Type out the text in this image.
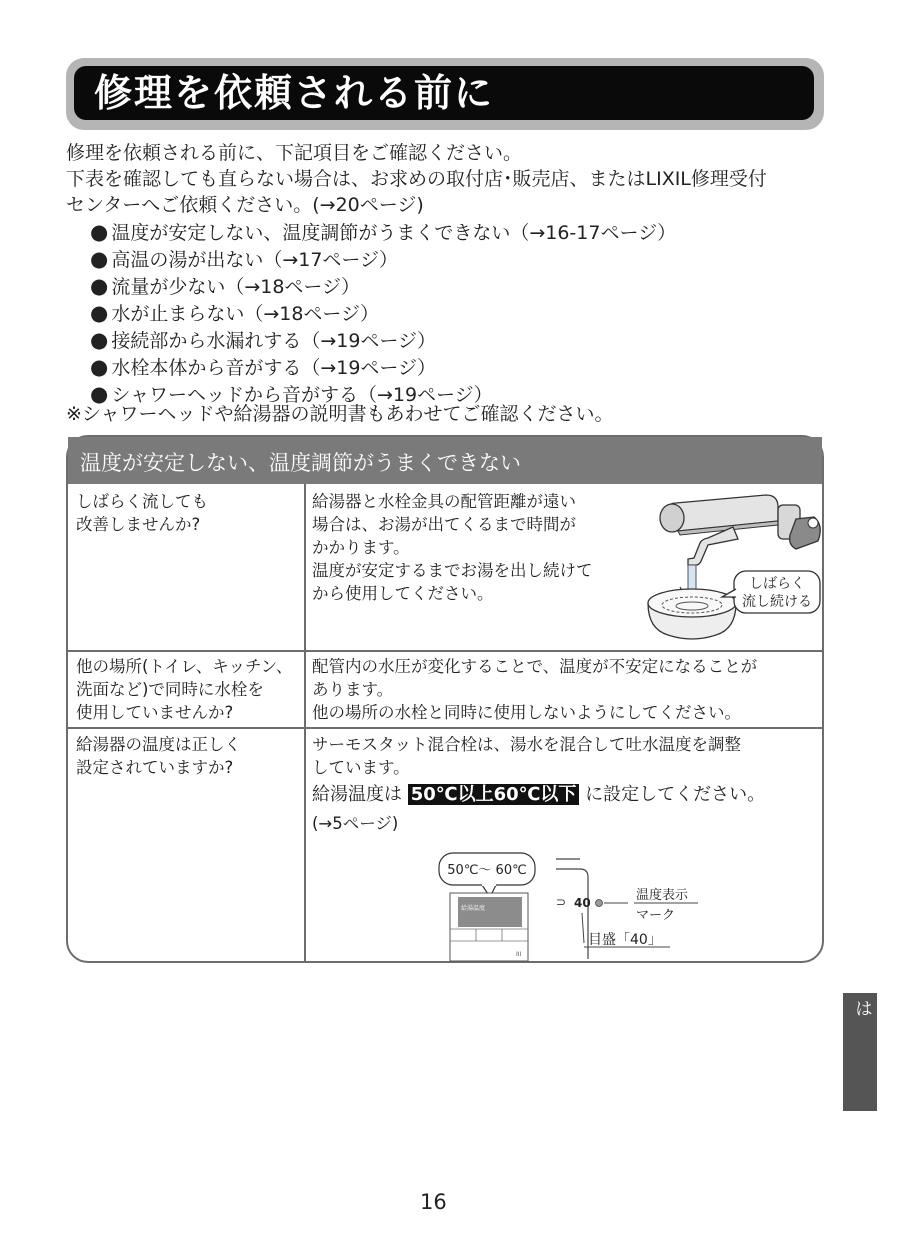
修理を依頼される前に
修理を依頼される前に、下記項目をご確認ください。
下表を確認しても直らない場合は、お求めの取付店･販売店、またはLIXIL修理受付
センターへご依頼ください。(→20ページ)
● 温度が安定しない、温度調節がうまくできない（→16-17ページ）
● 高温の湯が出ない（→17ページ）
● 流量が少ない（→18ページ）
● 水が止まらない（→18ページ）
● 接続部から水漏れする（→19ページ）
● 水栓本体から音がする（→19ページ）
● シャワーヘッドから音がする（→19ページ）
※シャワーヘッドや給湯器の説明書もあわせてご確認ください。
温度が安定しない、温度調節がうまくできない
しばらく流しても
改善しませんか?
給湯器と水栓金具の配管距離が遠い
場合は、お湯が出てくるまで時間が
かかります。
温度が安定するまでお湯を出し続けて
から使用してください。	しばらく
流し続ける
他の場所(トイレ、キッチン、
洗面など)で同時に水栓を
使用していませんか?
配管内の水圧が変化することで、温度が不安定になることが
あります。
他の場所の水栓と同時に使用しないようにしてください。
給湯器の温度は正しく
設定されていますか?
サーモスタット混合栓は、湯水を混合して吐水温度を調整
しています。
給湯温度は 50℃以上60℃以下 に設定してください。
(→5ページ)
50℃～ 60℃
給湯温度
III
⊃ 40	温度表示
マーク
目盛「40」
こんなときは
16
